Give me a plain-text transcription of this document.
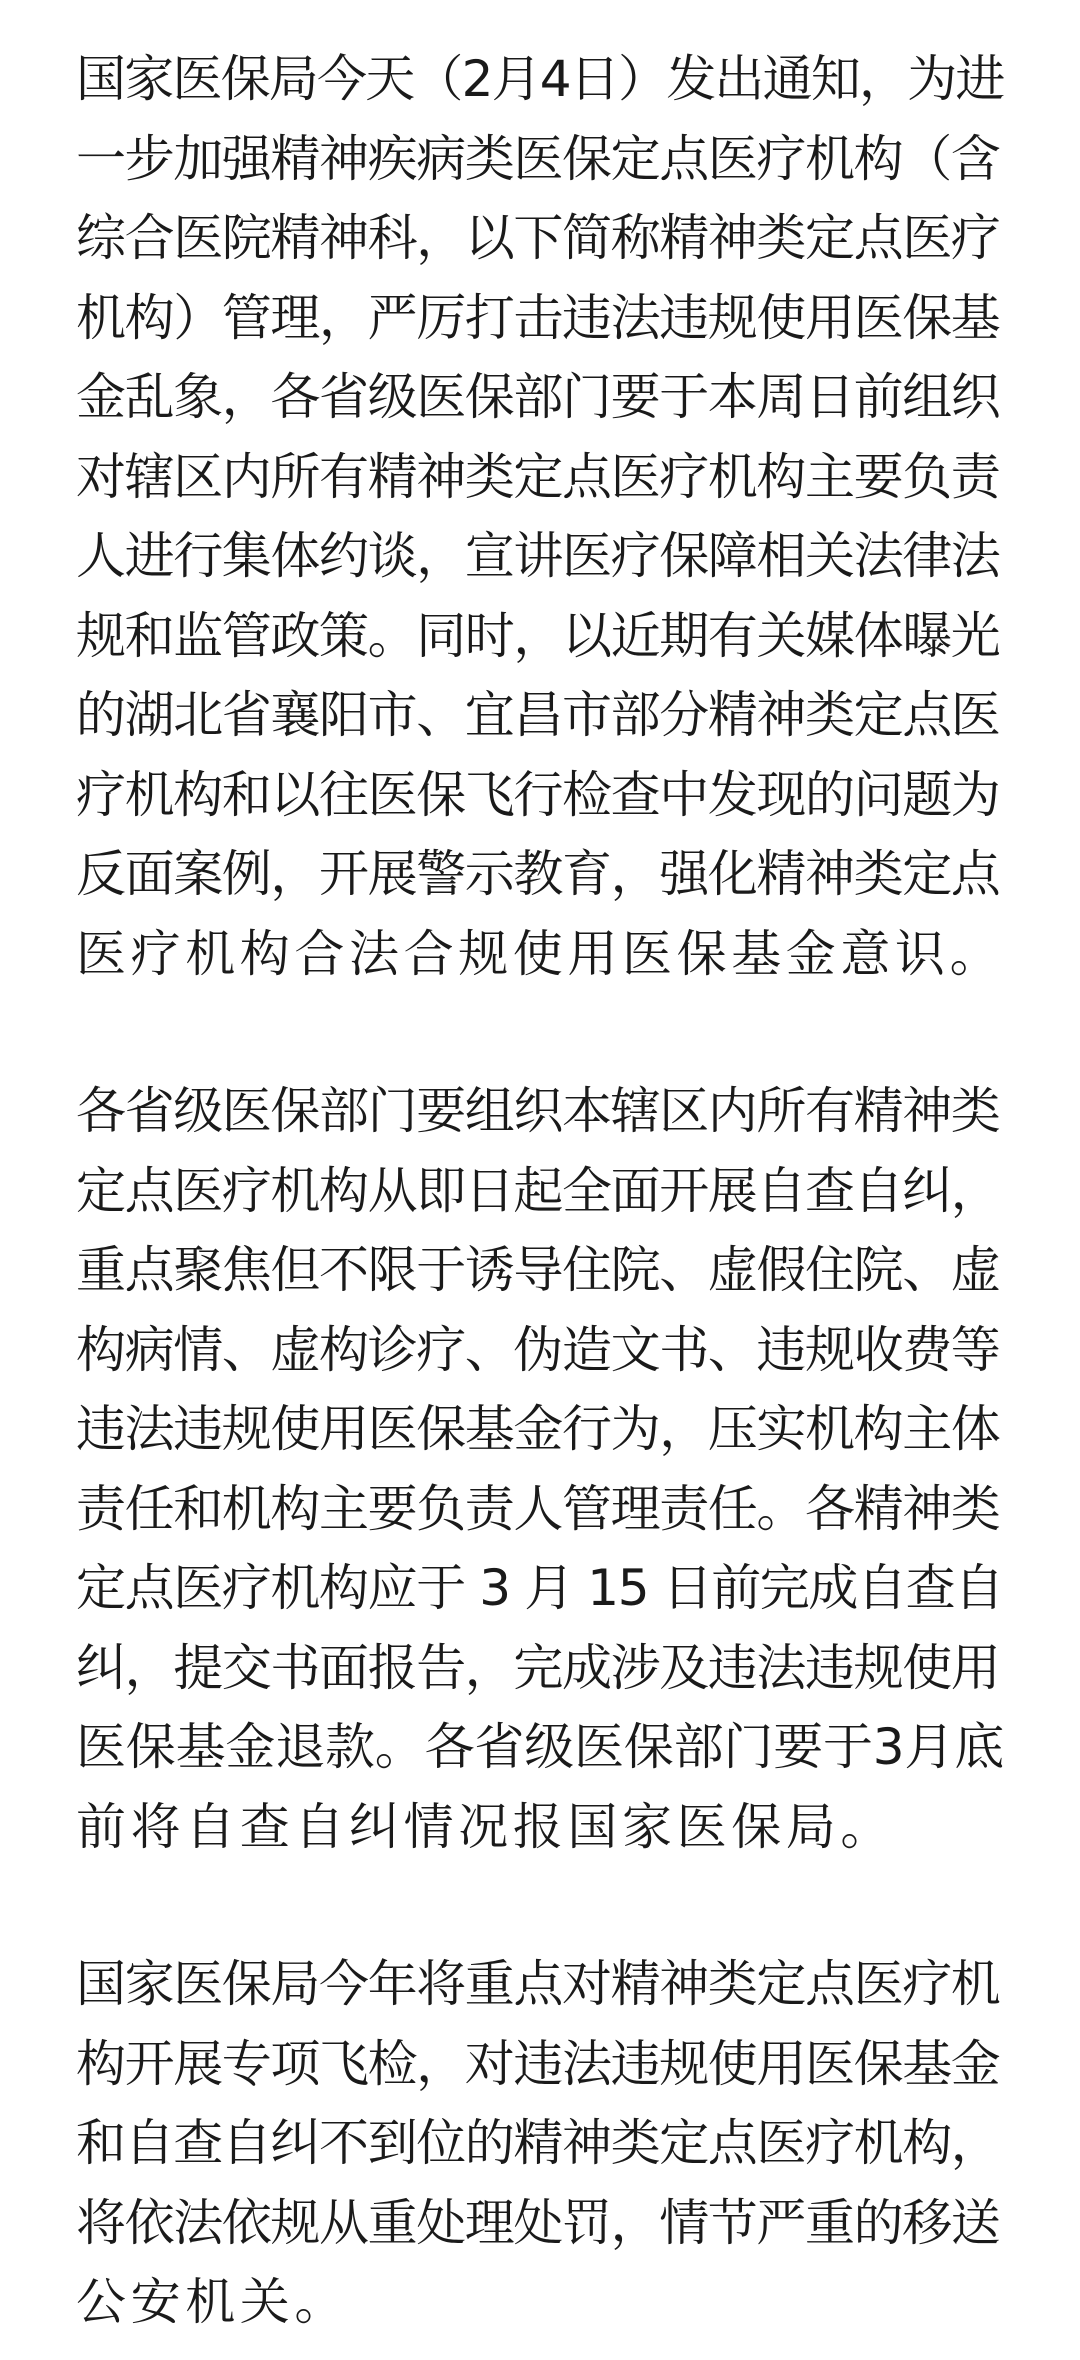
国家医保局今天（2月4日）发出通知，为进
一步加强精神疾病类医保定点医疗机构（含
综合医院精神科，以下简称精神类定点医疗
机构）管理，严厉打击违法违规使用医保基
金乱象，各省级医保部门要于本周日前组织
对辖区内所有精神类定点医疗机构主要负责
人进行集体约谈，宣讲医疗保障相关法律法
规和监管政策。同时，以近期有关媒体曝光
的湖北省襄阳市、宜昌市部分精神类定点医
疗机构和以往医保飞行检查中发现的问题为
反面案例，开展警示教育，强化精神类定点
医疗机构合法合规使用医保基金意识。

各省级医保部门要组织本辖区内所有精神类
定点医疗机构从即日起全面开展自查自纠，
重点聚焦但不限于诱导住院、虚假住院、虚
构病情、虚构诊疗、伪造文书、违规收费等
违法违规使用医保基金行为，压实机构主体
责任和机构主要负责人管理责任。各精神类
定点医疗机构应于 3 月 15 日前完成自查自
纠，提交书面报告，完成涉及违法违规使用
医保基金退款。各省级医保部门要于3月底
前将自查自纠情况报国家医保局。

国家医保局今年将重点对精神类定点医疗机
构开展专项飞检，对违法违规使用医保基金
和自查自纠不到位的精神类定点医疗机构，
将依法依规从重处理处罚，情节严重的移送
公安机关。
